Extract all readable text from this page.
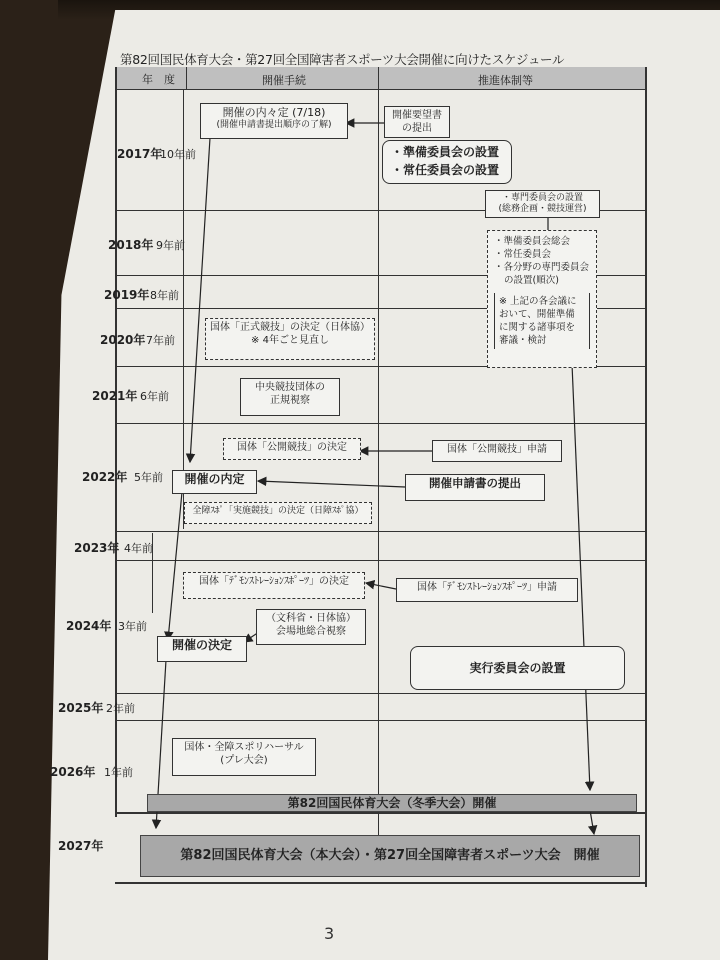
第82回国民体育大会・第27回全国障害者スポーツ大会開催に向けたスケジュール
年　度	開催手続	推進体制等
2017年
10年前
2018年 9年前
2019年 8年前
2020年 7年前
2021年 6年前
2022年 5年前
2023年 4年前
2024年 3年前
2025年 2年前
2026年 1年前
2027年
開催の内々定 (7/18)
(開催申請書提出順序の了解)
国体「正式競技」の決定（日体協）
※ 4年ごと見直し
中央競技団体の
正規視察
国体「公開競技」の決定
開催の内定
全障ｽﾎﾟ「実施競技」の決定（日障ｽﾎﾟ協）
国体「ﾃﾞﾓﾝｽﾄﾚｰｼｮﾝｽﾎﾟｰﾂ」の決定
（文科省・日体協）
会場地総合視察
開催の決定
国体・全障スポリハーサル
(プレ大会)
開催要望書
の提出
・準備委員会の設置
・常任委員会の設置
・専門委員会の設置
(総務企画・競技運営)
・準備委員会総会
・常任委員会
・各分野の専門委員会
の設置(順次)
※ 上記の各会議に
おいて、開催準備
に関する諸事項を
審議・検討
国体「公開競技」申請
開催申請書の提出
国体「ﾃﾞﾓﾝｽﾄﾚｰｼｮﾝｽﾎﾟｰﾂ」申請
実行委員会の設置
第82回国民体育大会（冬季大会）開催
第82回国民体育大会（本大会）・第27回全国障害者スポーツ大会　開催
3
